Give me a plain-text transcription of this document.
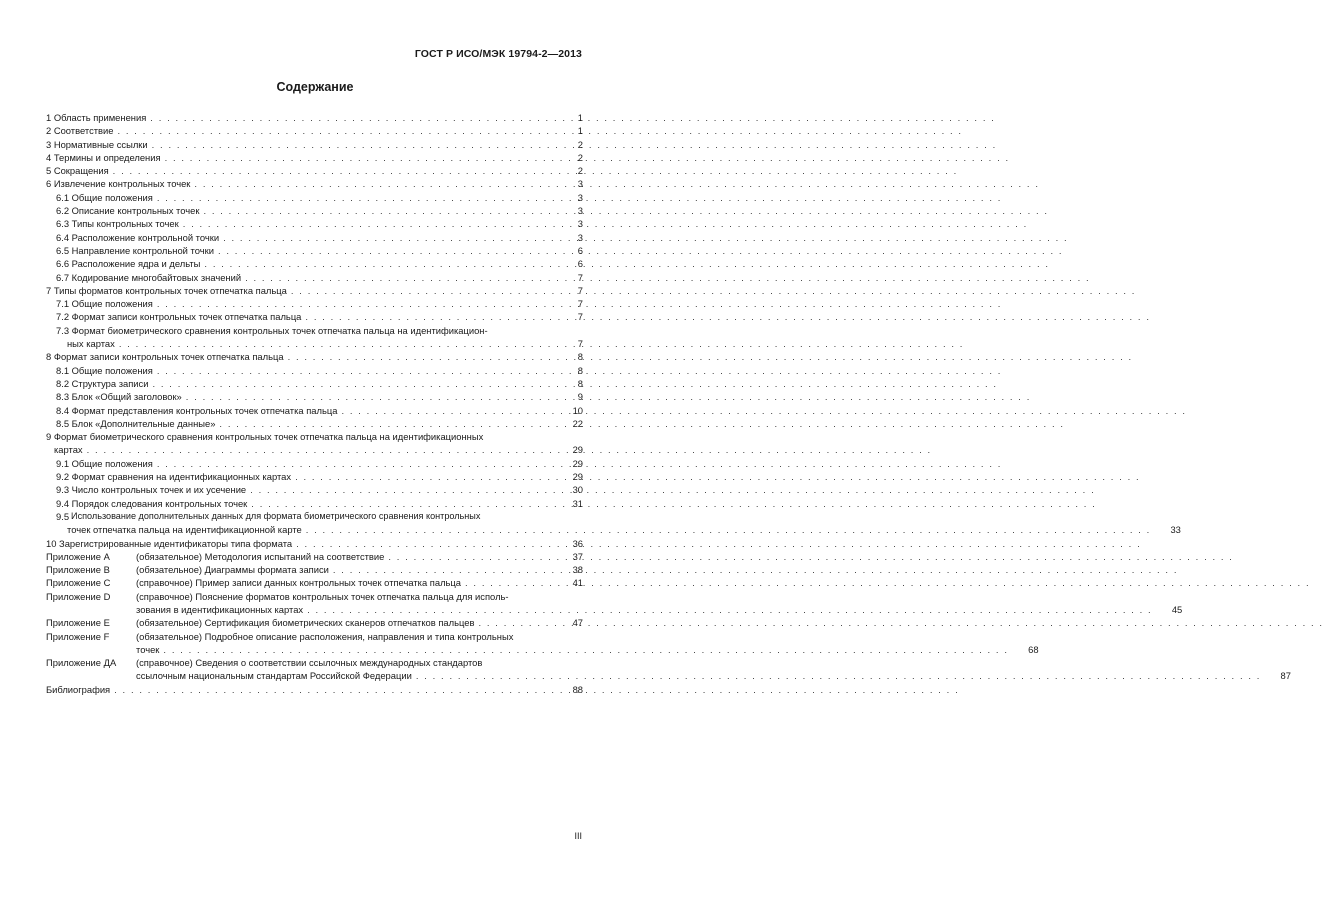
ГОСТ Р ИСО/МЭК 19794-2—2013
Содержание
1 Область применения . . .	1
2 Соответствие . . .	1
3 Нормативные ссылки . . .	2
4 Термины и определения . . .	2
5 Сокращения . . .	2
6 Извлечение контрольных точек . . .	3
6.1 Общие положения . . .	3
6.2 Описание контрольных точек . . .	3
6.3 Типы контрольных точек . . .	3
6.4 Расположение контрольной точки . . .	3
6.5 Направление контрольной точки . . .	6
6.6 Расположение ядра и дельты . . .	6
6.7 Кодирование многобайтовых значений . . .	7
7 Типы форматов контрольных точек отпечатка пальца . . .	7
7.1 Общие положения . . .	7
7.2 Формат записи контрольных точек отпечатка пальца . . .	7
7.3 Формат биометрического сравнения контрольных точек отпечатка пальца на идентификацион-
ных картах . . .	7
8 Формат записи контрольных точек отпечатка пальца . . .	8
8.1 Общие положения . . .	8
8.2 Структура записи . . .	8
8.3 Блок «Общий заголовок» . . .	9
8.4 Формат представления контрольных точек отпечатка пальца . . .	10
8.5 Блок «Дополнительные данные» . . .	22
9 Формат биометрического сравнения контрольных точек отпечатка пальца на идентификационных
картах . . .	29
9.1 Общие положения . . .	29
9.2 Формат сравнения на идентификационных картах . . .	29
9.3 Число контрольных точек и их усечение . . .	30
9.4 Порядок следования контрольных точек . . .	31
9.5 Использование дополнительных данных для формата биометрического сравнения контрольных
точек отпечатка пальца на идентификационной карте . . .	33
10 Зарегистрированные идентификаторы типа формата . . .	36
Приложение A	(обязательное) Методология испытаний на соответствие . . .	37
Приложение B	(обязательное) Диаграммы формата записи . . .	38
Приложение C	(справочное) Пример записи данных контрольных точек отпечатка пальца . . .	41
Приложение D	(справочное) Пояснение форматов контрольных точек отпечатка пальца для исполь-
зования в идентификационных картах . . .	45
Приложение E	(обязательное) Сертификация биометрических сканеров отпечатков пальцев . . .	47
Приложение F	(обязательное) Подробное описание расположения, направления и типа контрольных
точек . . .	68
Приложение ДА	(справочное) Сведения о соответствии ссылочных международных стандартов
ссылочным национальным стандартам Российской Федерации . . .	87
Библиография . . .	88
III
